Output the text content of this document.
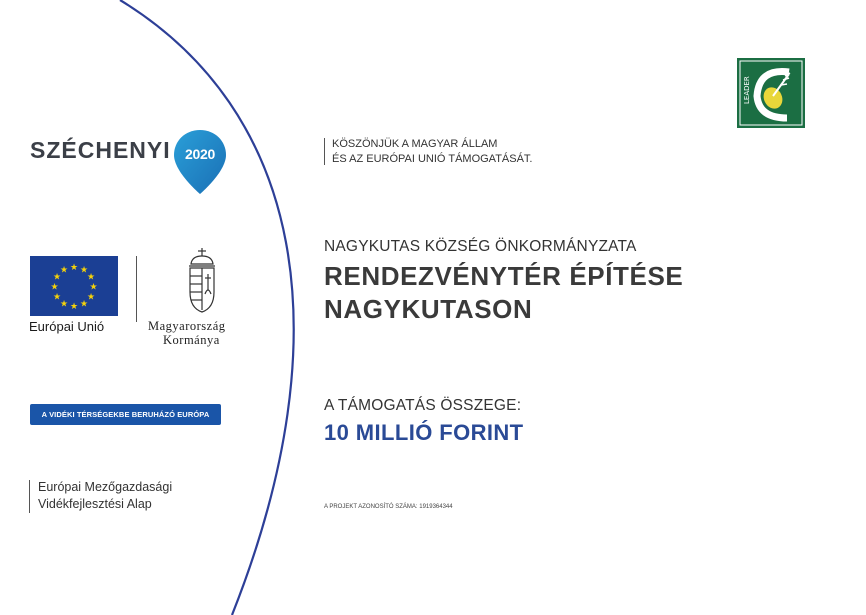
SZÉCHENYI	2020
★ ★
★
★
★
★
★
★
★
★
★
★
Európai Unió	Magyarország
Kormánya
A VIDÉKI TÉRSÉGEKBE BERUHÁZÓ EURÓPA
Európai Mezőgazdasági
Vidékfejlesztési Alap
KÖSZÖNJÜK A MAGYAR ÁLLAM
ÉS AZ EURÓPAI UNIÓ TÁMOGATÁSÁT.
NAGYKUTAS KÖZSÉG ÖNKORMÁNYZATA
RENDEZVÉNYTÉR ÉPÍTÉSE
NAGYKUTASON
A TÁMOGATÁS ÖSSZEGE:
10 MILLIÓ FORINT
A PROJEKT AZONOSÍTÓ SZÁMA: 1919364344
LEADER
